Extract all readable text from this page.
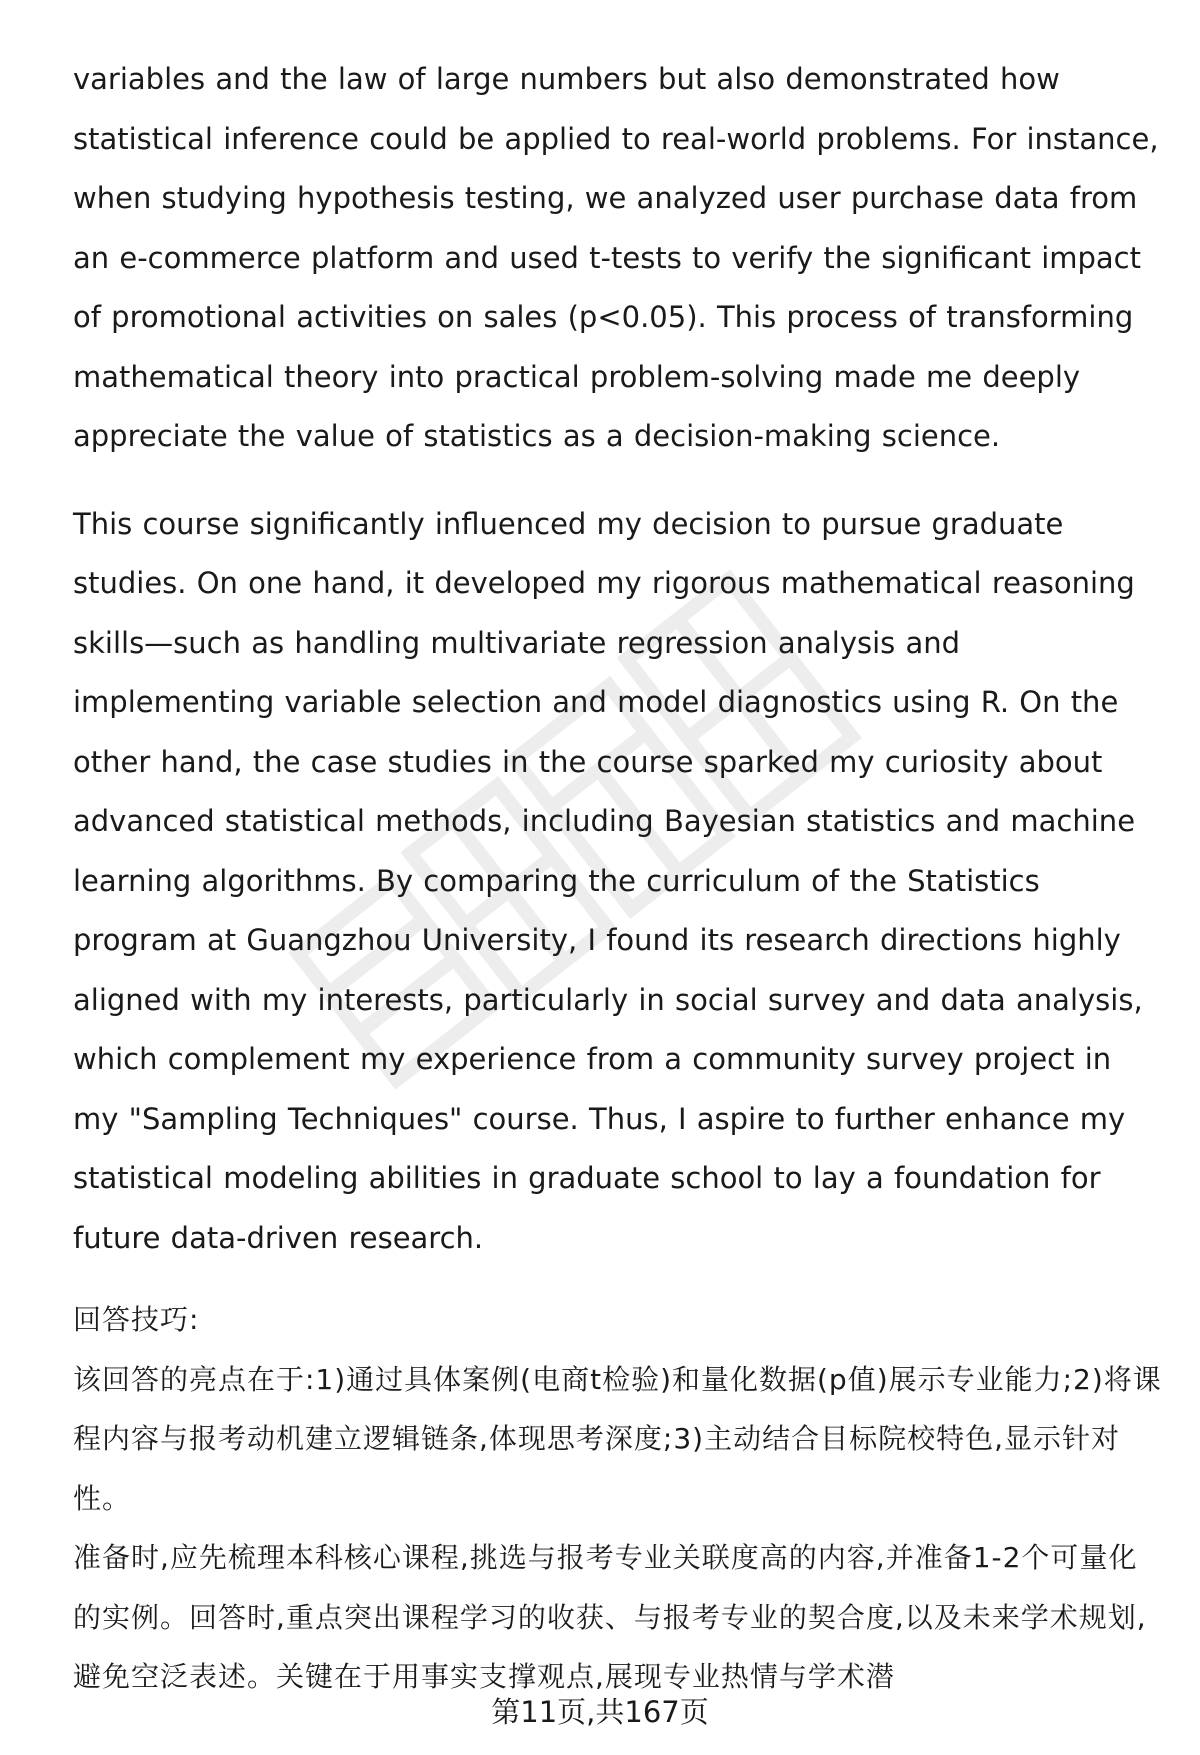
variables and the law of large numbers but also demonstrated how statistical inference could be applied to real-world problems. For instance, when studying hypothesis testing, we analyzed user purchase data from an e-commerce platform and used t-tests to verify the significant impact of promotional activities on sales (p<0.05). This process of transforming mathematical theory into practical problem-solving made me deeply appreciate the value of statistics as a decision-making science.

This course significantly influenced my decision to pursue graduate studies. On one hand, it developed my rigorous mathematical reasoning skills—such as handling multivariate regression analysis and implementing variable selection and model diagnostics using R. On the other hand, the case studies in the course sparked my curiosity about advanced statistical methods, including Bayesian statistics and machine learning algorithms. By comparing the curriculum of the Statistics program at Guangzhou University, I found its research directions highly aligned with my interests, particularly in social survey and data analysis, which complement my experience from a community survey project in my "Sampling Techniques" course. Thus, I aspire to further enhance my statistical modeling abilities in graduate school to lay a foundation for future data-driven research.

回答技巧:

该回答的亮点在于:1)通过具体案例(电商t检验)和量化数据(p值)展示专业能力;2)将课程内容与报考动机建立逻辑链条,体现思考深度;3)主动结合目标院校特色,显示针对性。

准备时,应先梳理本科核心课程,挑选与报考专业关联度高的内容,并准备1-2个可量化的实例。回答时,重点突出课程学习的收获、与报考专业的契合度,以及未来学术规划,避免空泛表述。关键在于用事实支撑观点,展现专业热情与学术潜

第11页,共167页
